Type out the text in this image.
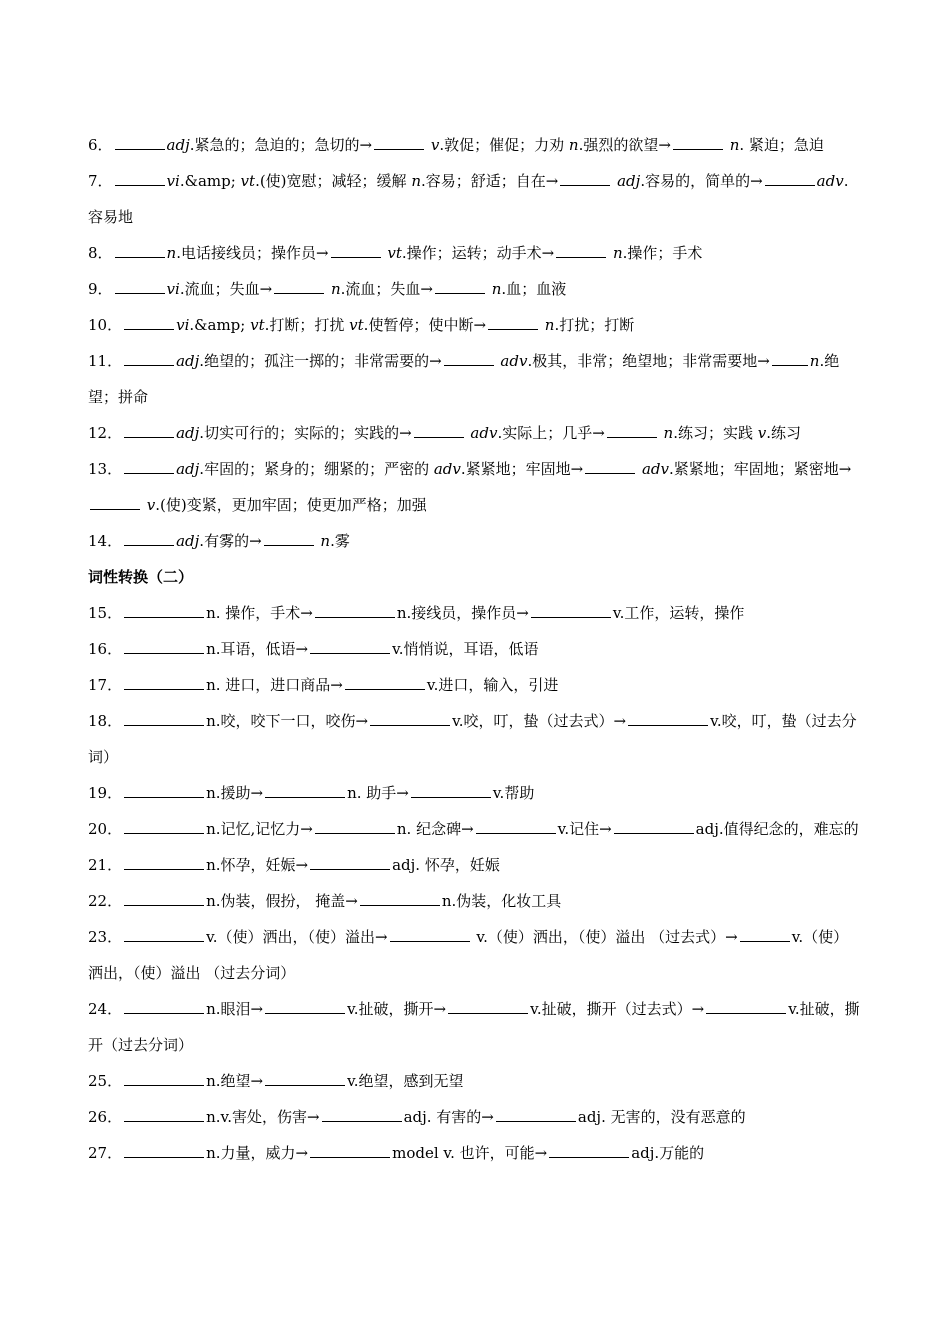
6．	adj.紧急的；急迫的；急切的→	v.敦促；催促；力劝 n.强烈的欲望→	n. 紧迫；急迫

7．	vi.&amp; vt.(使)宽慰；减轻；缓解 n.容易；舒适；自在→	adj.容易的，简单的→	adv.容易地

8．	n.电话接线员；操作员→	vt.操作；运转；动手术→	n.操作；手术

9．	vi.流血；失血→	n.流血；失血→	n.血；血液

10．	vi.&amp; vt.打断；打扰 vt.使暂停；使中断→	n.打扰；打断

11．	adj.绝望的；孤注一掷的；非常需要的→	adv.极其，非常；绝望地；非常需要地→	n.绝望；拼命

12．	adj.切实可行的；实际的；实践的→	adv.实际上；几乎→	n.练习；实践 v.练习

13．	adj.牢固的；紧身的；绷紧的；严密的 adv.紧紧地；牢固地→	adv.紧紧地；牢固地；紧密地→ v.(使)变紧，更加牢固；使更加严格；加强

14．	adj.有雾的→	n.雾

词性转换（二）

15．	n. 操作，手术→	n.接线员，操作员→	v.工作，运转，操作

16．	n.耳语，低语→	v.悄悄说，耳语，低语

17．	n. 进口，进口商品→	v.进口，输入，引进

18．	n.咬，咬下一口，咬伤→	v.咬，叮，蛰（过去式）→	v.咬，叮，蛰（过去分词）

19．	n.援助→	n. 助手→	v.帮助

20．	n.记忆,记忆力→	n. 纪念碑→	v.记住→	adj.值得纪念的，难忘的

21．	n.怀孕，妊娠→	adj. 怀孕，妊娠

22．	n.伪装，假扮， 掩盖→	n.伪装，化妆工具

23．	v.（使）洒出，（使）溢出→	v.（使）洒出，（使）溢出 （过去式）→	v.（使）洒出，（使）溢出 （过去分词）

24．	n.眼泪→	v.扯破，撕开→	v.扯破，撕开（过去式）→	v.扯破，撕开（过去分词）

25．	n.绝望→	v.绝望，感到无望

26．	n.v.害处，伤害→	adj. 有害的→	adj. 无害的，没有恶意的

27．	n.力量，威力→	model v. 也许，可能→	adj.万能的
